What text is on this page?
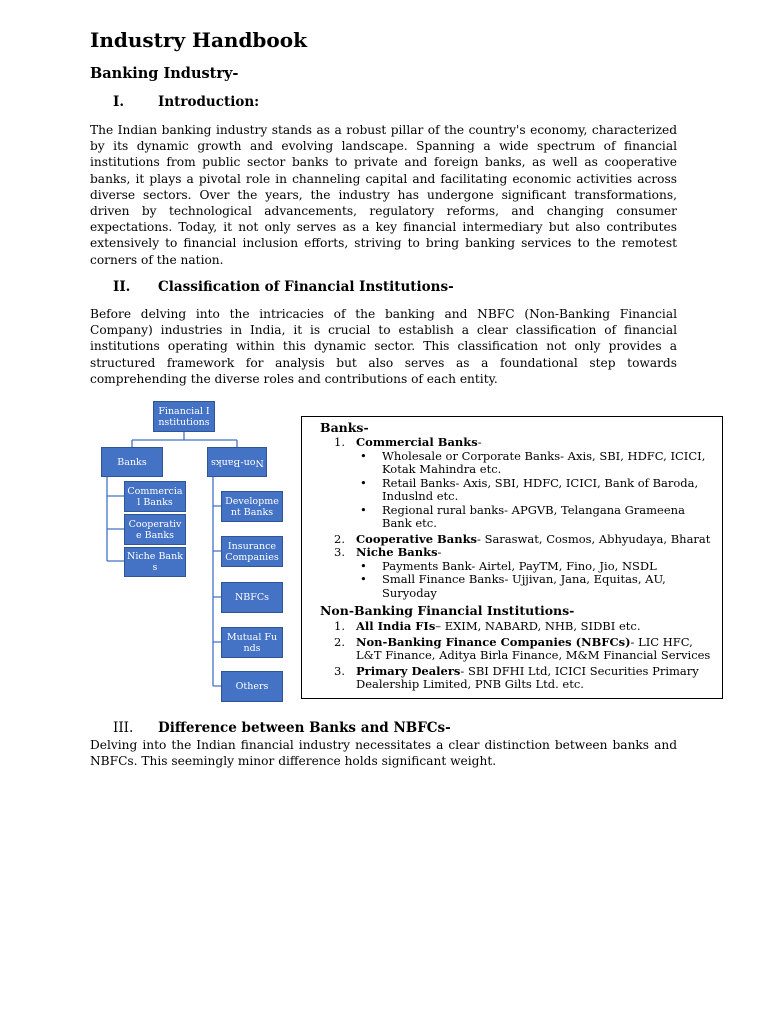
Industry Handbook
Banking Industry-
I.	Introduction:

The Indian banking industry stands as a robust pillar of the country's economy, characterized by its dynamic growth and evolving landscape. Spanning a wide spectrum of financial institutions from public sector banks to private and foreign banks, as well as cooperative banks, it plays a pivotal role in channeling capital and facilitating economic activities across diverse sectors. Over the years, the industry has undergone significant transformations, driven by technological advancements, regulatory reforms, and changing consumer expectations. Today, it not only serves as a key financial intermediary but also contributes extensively to financial inclusion efforts, striving to bring banking services to the remotest corners of the nation.

II. Classification of Financial Institutions-

Before delving into the intricacies of the banking and NBFC (Non-Banking Financial Company) industries in India, it is crucial to establish a clear classification of financial institutions operating within this dynamic sector. This classification not only provides a structured framework for analysis but also serves as a foundational step towards comprehending the diverse roles and contributions of each entity.

Financial Institutions
Banks	Non-Banks
Commercial Banks
Cooperative Banks
Niche Banks
Development Banks
Insurance Companies
NBFCs
Mutual Funds
Others

Banks-

1. Commercial Banks-
• Wholesale or Corporate Banks- Axis, SBI, HDFC, ICICI, Kotak Mahindra etc.
• Retail Banks- Axis, SBI, HDFC, ICICI, Bank of Baroda, Induslnd etc.
• Regional rural banks- APGVB, Telangana Grameena Bank etc.
2. Cooperative Banks- Saraswat, Cosmos, Abhyudaya, Bharat
3. Niche Banks-
• Payments Bank- Airtel, PayTM, Fino, Jio, NSDL
• Small Finance Banks- Ujjivan, Jana, Equitas, AU, Suryoday

Non-Banking Financial Institutions-

1. All India FIs– EXIM, NABARD, NHB, SIDBI etc.
2. Non-Banking Finance Companies (NBFCs)- LIC HFC, L&T Finance, Aditya Birla Finance, M&M Financial Services
3. Primary Dealers- SBI DFHI Ltd, ICICI Securities Primary Dealership Limited, PNB Gilts Ltd. etc.
III. Difference between Banks and NBFCs-

Delving into the Indian financial industry necessitates a clear distinction between banks and NBFCs. This seemingly minor difference holds significant weight.
